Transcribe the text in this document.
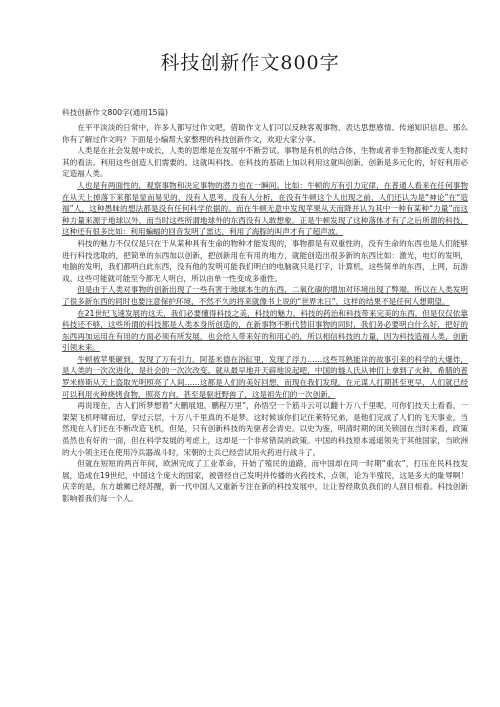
科技创新作文800字
科技创新作文800字(通用15篇)

在平平淡淡的日常中，许多人都写过作文吧，借助作文人们可以反映客观事物、表达思想感情、传递知识信息。那么你有了解过作文吗？下面是小编帮大家整理的科技创新作文，欢迎大家分享。

人类是在社会发展中成长，人类的思维是在发展中不断尝试。事物是有机的结合体，生物或者非生物都能改变人类时其的看法。利用这些创造人们需要的。这就叫科技。在科技的基础上加以利用这就叫创新，创新是多元化的，好好利用必定造福人类。

人也是有两面性的，观察事物和决定事物的潜力也在一瞬间。比如：牛顿的万有引力定律，在普通人看来在任何事物在从天上掉落下来都是显而易见的，没有人思考，没有人分析，在没有牛顿这个人出现之前，人们还认为是“神论”在“造福”人，这种愚昧的想法都是没有任何科学依据的。而在牛顿无意中发现苹果从天而降并认为其中一种有某种“力量”而这种力量来源于地球以外，而当时这些所谓地球外的东西没有人敢想象。正是牛顿发现了这种落体才有了之后所谓的科技，这种还有很多比如：利用蝙蝠的回音发明了雷达，利用了海豚的叫声才有了超声波。

科技的魅力不仅仅是只在于从某种具有生命的物种才能发现的，事物都是有双重性的，没有生命的东西也是人们能够进行科技选取的，把简单的东西加以创新，把创新用在有用的地方，就能创造出很多新的东西比如：激光，电灯的发明，电脑的发明，我们都明白此东西，没有他的发明可能我们明白的电脑就只是打字，计算机，这些简单的东西，上网，玩游戏。这些可能就可能至今都无人明白，所以由单一性变成多重性。

但是由于人类对事物的创新出现了一些有害于地球本生的东西，二氧化碳的增加对环境出现了弊端。所以在人类发明了很多新东西的同时也要注意保护环境，不然不久的将来就像书上说的“世界末日”，这样的结果不是任何人想期望。

在21世纪飞速发展的这天，我们必要懂得科技之美，科技的魅力，科技的药治和科技带来完美的东西。但是仅仅依靠科技还不够，这些所谓的科技都是人类本身所创造的，在新事物不断代替旧事物的同时，我们务必要明白什么好，把好的东西再加运用在有用的方面必须有所发展，也会给人带来好的和用心的，所以相信科技的力量，因为科技造福人类，创新引领未来。

牛顿被苹果砸到，发现了万有引力。阿基米德在浴缸里，发现了浮力……这些耳熟能详的故事引来的科学的大爆炸，是人类的一次次进化，是社会的一次次改变。就从最早地开天辟地说起吧，中国的燧人氏从神们上拿到了火种，希腊的普罗米修斯从天上盗取光明照亮了人间……这都是人们的美好回想，而现在我们发现，在元谋人打期甚至更早，人们就已经可以利用火种烧烤食物，照亮方向，甚至是驱赶野兽了，这是祖先们的一次创新。

再说现在，古人们所梦想着“大鹏展翅，鹏程万里”，孙悟空一个筋斗云可以翻十万八千里呢，可你们技天上看看，一架架飞机呼啸而过，穿过云层，十万八千里真的不是梦。这时候该你们记住莱特兄弟，是他们完成了人们的飞天事业，当然现在人们还在不断改造飞机，但是，只有创新科技的先驱者会青史。以史为鉴，明清时期的闭关锁国在当时来看，政策虽然也有好的一面，但在科学发展的考虑上，这却是一个非常错误的政策。中国的科技原本遥遥领先于其他国家，当欧洲的大小领主还在使用冷兵器战斗时，宋朝的士兵已经尝试用火药进行战斗了。

但就在短短的两百年间，欧洲完成了工业革命，开始了殖民的道路，而中国却在同一时期“重农”，打压在民科技发展，造成在19世纪，中国这个庞大的国家，被曾经自己发明并传播的火药技术，点领，论为半殖民，这是多大的耻辱啊！庆幸的是，东方雄狮已经苏醒，新一代中国人又重新专注在新的科技发展中，让让曾经欺负我们的人刮目相看。科技创新影响着我们每一个人。
